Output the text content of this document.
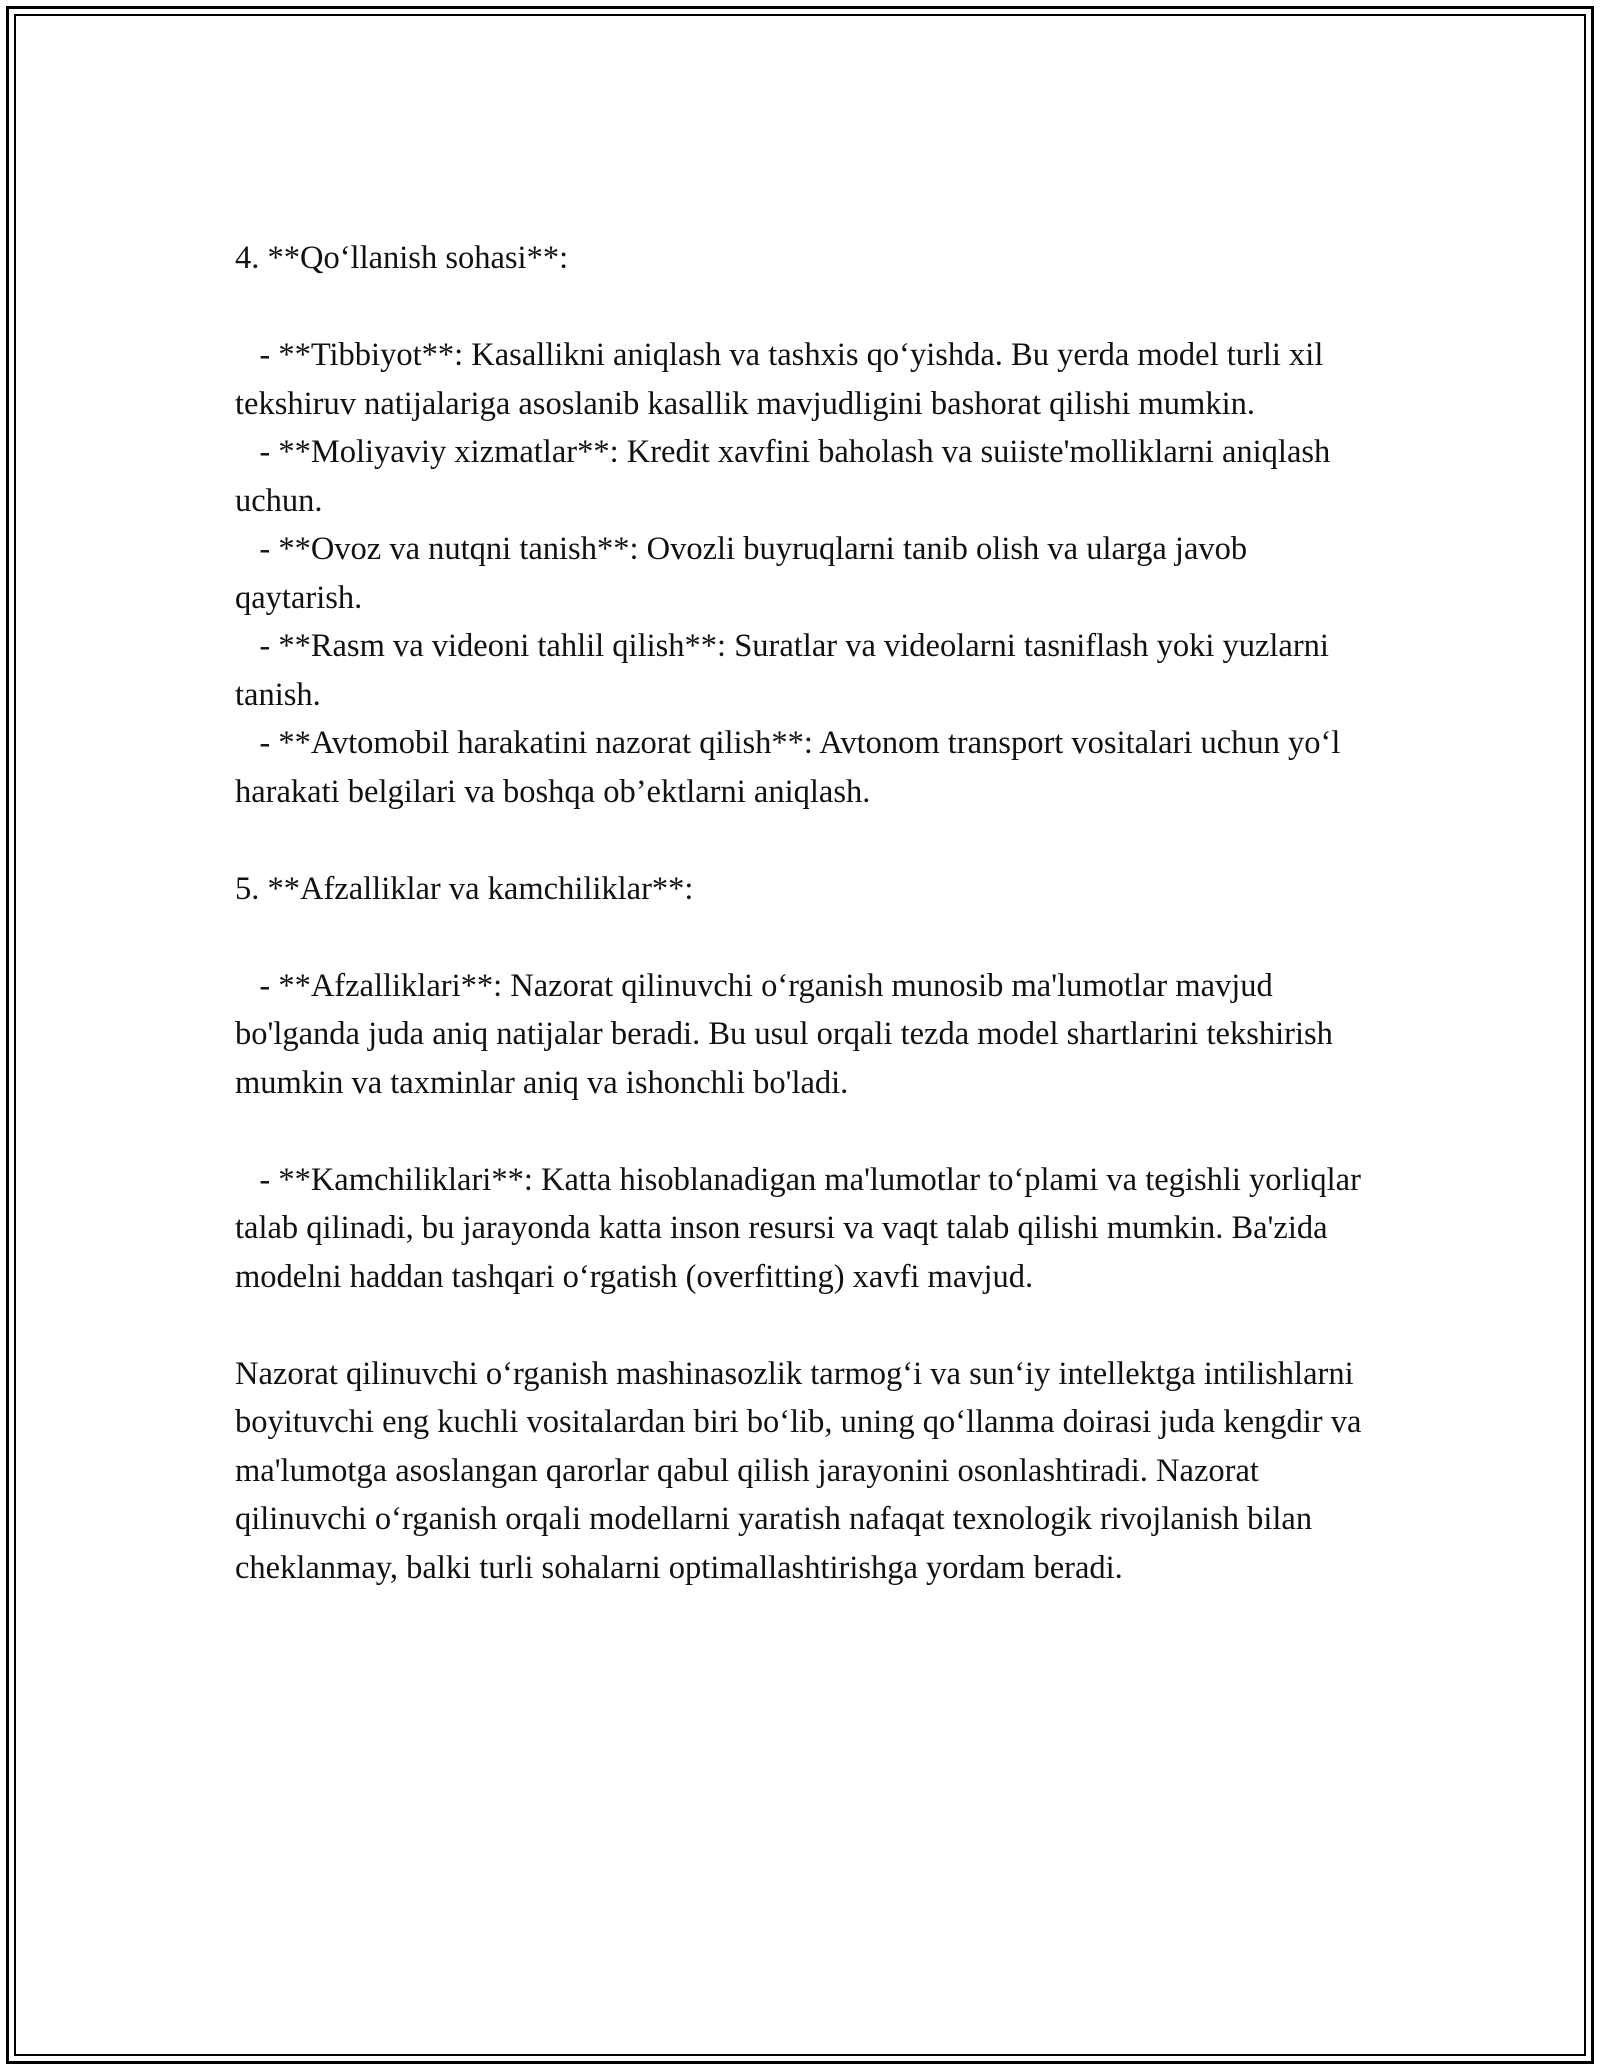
4. **Qo‘llanish sohasi**:

- **Tibbiyot**: Kasallikni aniqlash va tashxis qo‘yishda. Bu yerda model turli xil tekshiruv natijalariga asoslanib kasallik mavjudligini bashorat qilishi mumkin.

- **Moliyaviy xizmatlar**: Kredit xavfini baholash va suiiste'molliklarni aniqlash uchun.

- **Ovoz va nutqni tanish**: Ovozli buyruqlarni tanib olish va ularga javob qaytarish.

- **Rasm va videoni tahlil qilish**: Suratlar va videolarni tasniflash yoki yuzlarni tanish.

- **Avtomobil harakatini nazorat qilish**: Avtonom transport vositalari uchun yo‘l harakati belgilari va boshqa ob’ektlarni aniqlash.

5. **Afzalliklar va kamchiliklar**:

- **Afzalliklari**: Nazorat qilinuvchi o‘rganish munosib ma'lumotlar mavjud bo'lganda juda aniq natijalar beradi. Bu usul orqali tezda model shartlarini tekshirish mumkin va taxminlar aniq va ishonchli bo'ladi.

- **Kamchiliklari**: Katta hisoblanadigan ma'lumotlar to‘plami va tegishli yorliqlar talab qilinadi, bu jarayonda katta inson resursi va vaqt talab qilishi mumkin. Ba'zida modelni haddan tashqari o‘rgatish (overfitting) xavfi mavjud.

Nazorat qilinuvchi o‘rganish mashinasozlik tarmog‘i va sun‘iy intellektga intilishlarni boyituvchi eng kuchli vositalardan biri bo‘lib, uning qo‘llanma doirasi juda kengdir va ma'lumotga asoslangan qarorlar qabul qilish jarayonini osonlashtiradi. Nazorat qilinuvchi o‘rganish orqali modellarni yaratish nafaqat texnologik rivojlanish bilan cheklanmay, balki turli sohalarni optimallashtirishga yordam beradi.
